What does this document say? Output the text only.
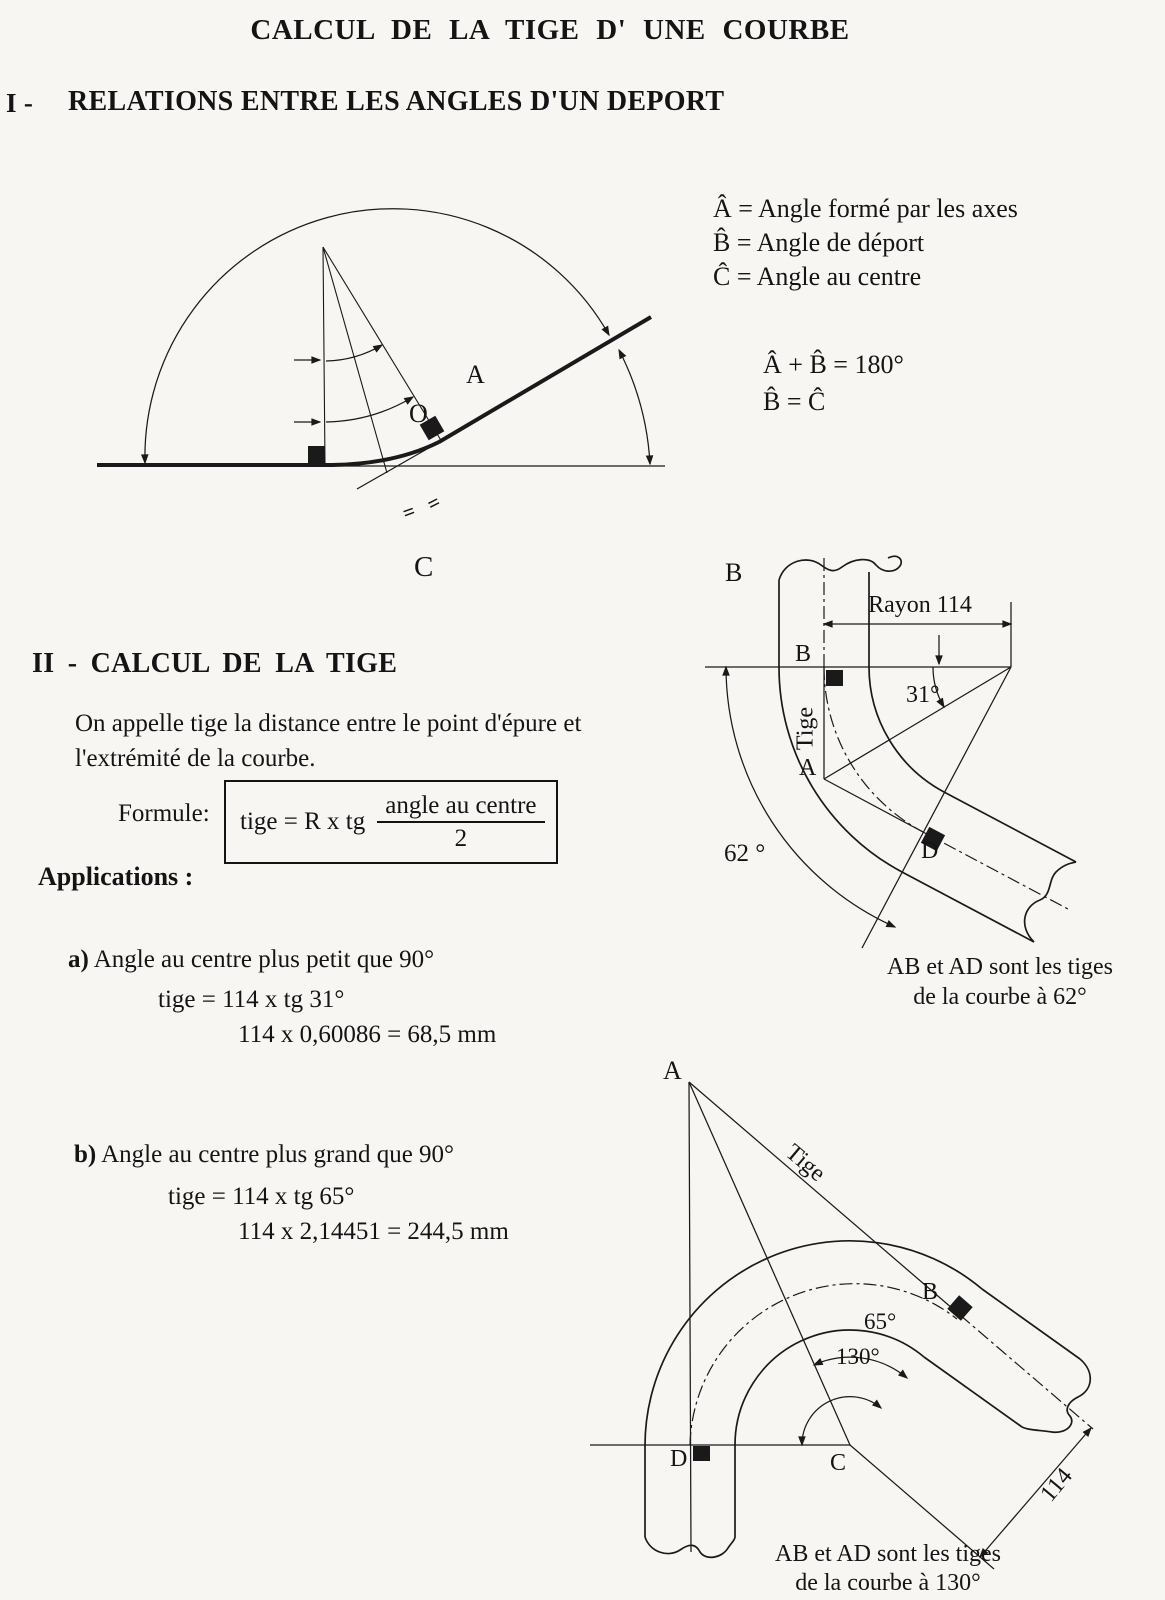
CALCUL DE LA TIGE D' UNE COURBE
I - RELATIONS ENTRE LES ANGLES D'UN DEPORT
A
O
C	B
= =
Â = Angle formé par les axes
B̂ = Angle de déport
Ĉ = Angle au centre
Â + B̂ = 180°
B̂ = Ĉ
Rayon 114
B
Tige
A
31°
D
62 °
AB et AD sont les tiges
de la courbe à 62°
II - CALCUL DE LA TIGE
On appelle tige la distance entre le point d'épure et
l'extrémité de la courbe.
Formule: tige = R x tg $\frac{\text{angle au centre}}{2}$
Applications :
a) Angle au centre plus petit que 90°
tige = 114 x tg 31°
114 x 0,60086 = 68,5 mm
b) Angle au centre plus grand que 90°
tige = 114 x tg 65°
114 x 2,14451 = 244,5 mm
A
Tige
B
65°
130°
D	C
114
AB et AD sont les tiges
de la courbe à 130°
